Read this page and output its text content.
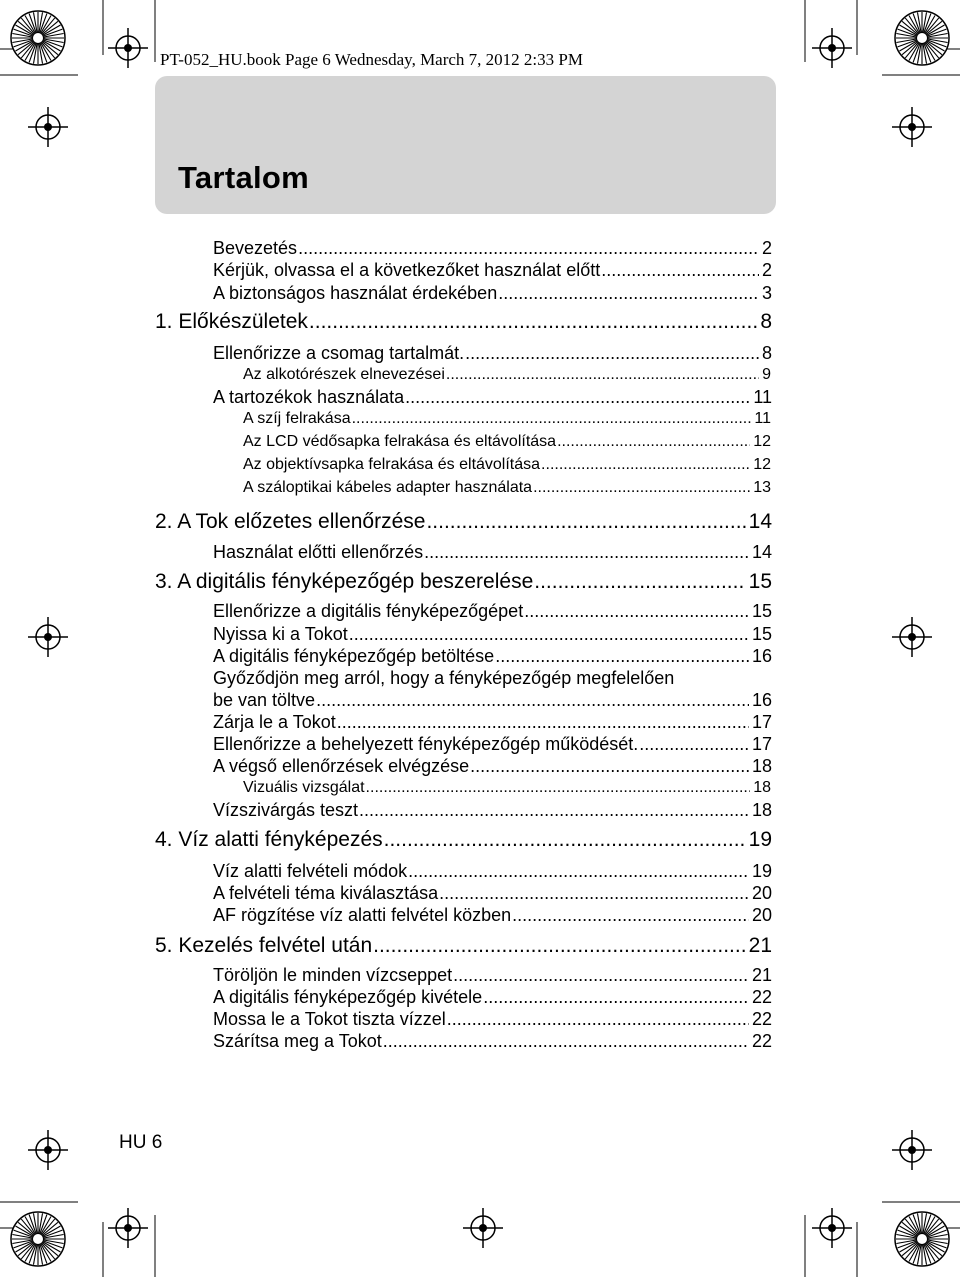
PT-052_HU.book Page 6 Wednesday, March 7, 2012 2:33 PM
Tartalom
Bevezetés .....	2
Kérjük, olvassa el a következőket használat előtt .....	2
A biztonságos használat érdekében .....	3
1. Előkészületek .....	8
Ellenőrizze a csomag tartalmát. .....	8
Az alkotórészek elnevezései .....	9
A tartozékok használata .....	11
A szíj felrakása .....	11
Az LCD védősapka felrakása és eltávolítása .....	12
Az objektívsapka felrakása és eltávolítása .....	12
A száloptikai kábeles adapter használata .....	13
2. A Tok előzetes ellenőrzése .....	14
Használat előtti ellenőrzés .....	14
3. A digitális fényképezőgép beszerelése .....	15
Ellenőrizze a digitális fényképezőgépet .....	15
Nyissa ki a Tokot .....	15
A digitális fényképezőgép betöltése .....	16
Győződjön meg arról, hogy a fényképezőgép megfelelően
be van töltve .....	16
Zárja le a Tokot .....	17
Ellenőrizze a behelyezett fényképezőgép működését. .....	17
A végső ellenőrzések elvégzése .....	18
Vizuális vizsgálat .....	18
Vízszivárgás teszt .....	18
4. Víz alatti fényképezés .....	19
Víz alatti felvételi módok .....	19
A felvételi téma kiválasztása .....	20
AF rögzítése víz alatti felvétel közben .....	20
5. Kezelés felvétel után .....	21
Töröljön le minden vízcseppet .....	21
A digitális fényképezőgép kivétele .....	22
Mossa le a Tokot tiszta vízzel .....	22
Szárítsa meg a Tokot .....	22
HU 6
